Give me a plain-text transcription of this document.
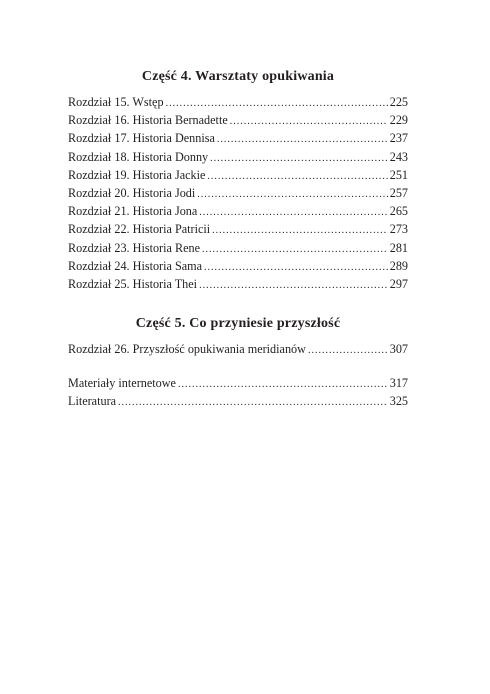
Część 4. Warsztaty opukiwania
Rozdział 15. Wstęp .....	225
Rozdział 16. Historia Bernadette .....	229
Rozdział 17. Historia Dennisa .....	237
Rozdział 18. Historia Donny .....	243
Rozdział 19. Historia Jackie .....	251
Rozdział 20. Historia Jodi .....	257
Rozdział 21. Historia Jona .....	265
Rozdział 22. Historia Patricii .....	273
Rozdział 23. Historia Rene .....	281
Rozdział 24. Historia Sama .....	289
Rozdział 25. Historia Thei .....	297
Część 5. Co przyniesie przyszłość
Rozdział 26. Przyszłość opukiwania meridianów .....	307
Materiały internetowe .....	317
Literatura .....	325
